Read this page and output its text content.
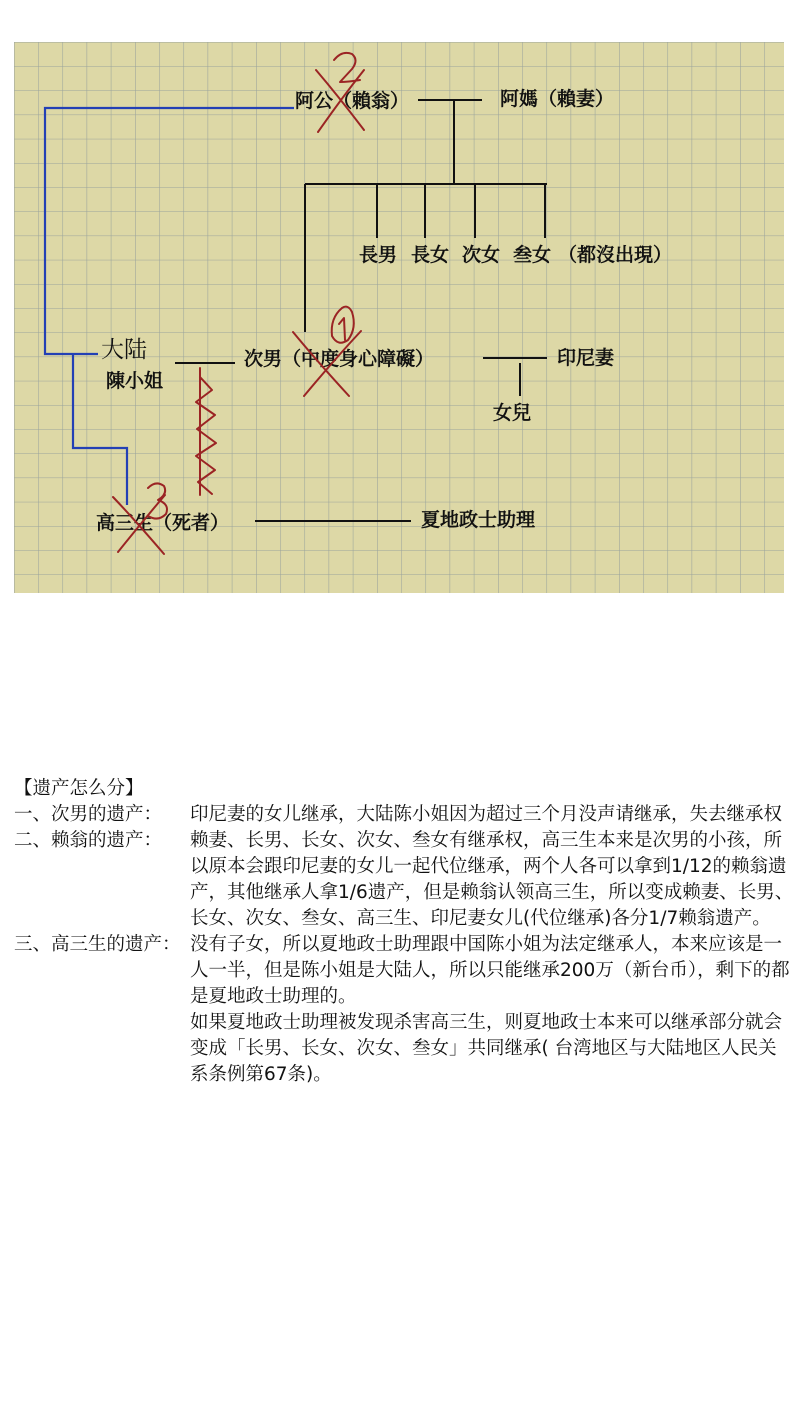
阿公（賴翁）	阿媽（賴妻）
長男 長女 次女 叁女 （都沒出現）
大陆
陳小姐
次男（中度身心障礙）	印尼妻
女兒
高三生（死者）	夏地政士助理
【遗产怎么分】
一、次男的遗产：	印尼妻的女儿继承，大陆陈小姐因为超过三个月没声请继承，失去继承权

二、赖翁的遗产：	赖妻、长男、长女、次女、叁女有继承权，高三生本来是次男的小孩，所以原本会跟印尼妻的女儿一起代位继承，两个人各可以拿到1/12的赖翁遗产，其他继承人拿1/6遗产，但是赖翁认领高三生，所以变成赖妻、长男、长女、次女、叁女、高三生、印尼妻女儿(代位继承)各分1/7赖翁遗产。

三、高三生的遗产： 没有子女，所以夏地政士助理跟中国陈小姐为法定继承人，本来应该是一人一半，但是陈小姐是大陆人，所以只能继承200万（新台币），剩下的都是夏地政士助理的。

如果夏地政士助理被发现杀害高三生，则夏地政士本来可以继承部分就会变成「长男、长女、次女、叁女」共同继承( 台湾地区与大陆地区人民关系条例第67条)。
